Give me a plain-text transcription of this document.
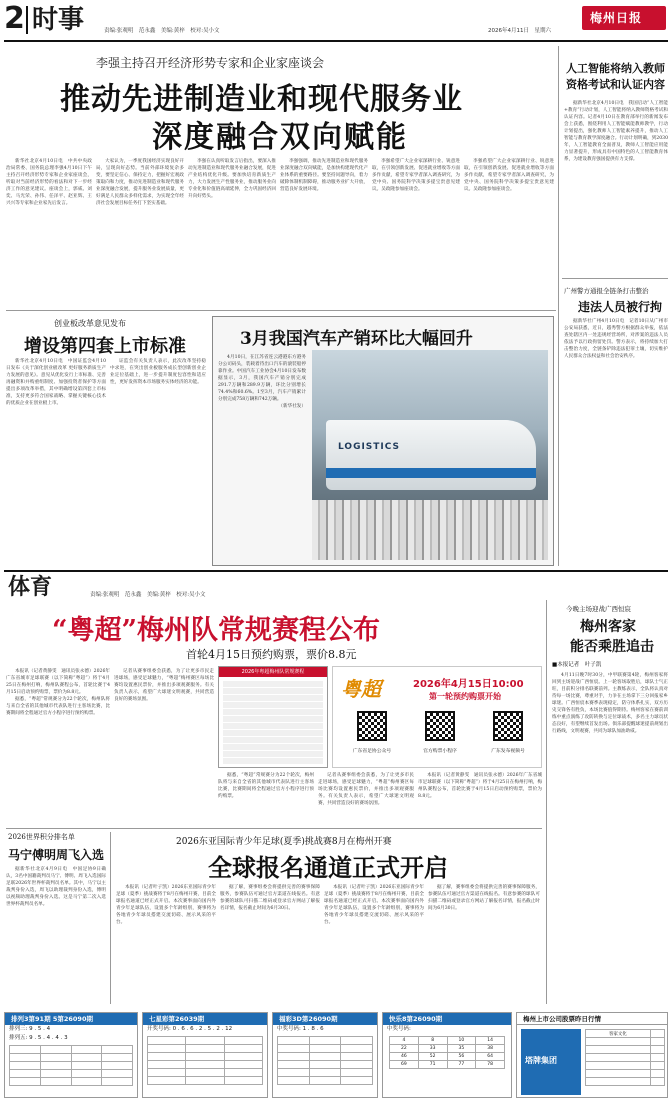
2 时事	责编:张观明　范永鑫　美编:黄梓　校对:吴小文	2026年4月11日　星期六
梅州日报
李强主持召开经济形势专家和企业家座谈会
推动先进制造业和现代服务业
深度融合双向赋能

新华社北京4月10日电　中共中央政治局常委、国务院总理李强4月10日下午主持召开经济形势专家和企业家座谈会，听取对当前经济形势的看法和对下一步经济工作的意见建议。座谈会上，郭威、刘奕、马光荣、孙伟、任泽平、赵亚辉、王兴兴等专家和企业家先后发言。

大家认为，一季度我国经济实现良好开局，呈现向好态势。当前外部环境复杂多变，要坚定信心、保持定力，把握好宏观政策取向和力度，推动先进制造业和现代服务业深度融合发展，提升服务业发展质量，更好满足人民群众多样化需求，为实现全年经济社会发展目标任务打下坚实基础。

李强在认真听取发言后指出，要深入推动先进制造业和现代服务业融合发展，促进产业结构优化升级。要加快培育新质生产力，大力发展生产性服务业，推动服务业向专业化和价值链高端延伸，全力巩固经济回升向好势头。

李强强调，推动先进制造业和现代服务业深度融合双向赋能，是加快构建现代化产业体系的重要路径。要坚持问题导向，着力破除体制机制障碍，推动服务业扩大开放，营造良好发展环境。

李强希望广大企业家深耕行业、锐意进取，在引领创新发展、促进就业增收等方面多作贡献，希望专家学者深入调查研究，为党中央、国务院科学决策多提宝贵意见建议。吴政隆参加座谈会。

李强希望广大企业家深耕行业、锐意进取，在引领创新发展、促进就业增收等方面多作贡献，希望专家学者深入调查研究，为党中央、国务院科学决策多提宝贵意见建议。吴政隆参加座谈会。

人工智能将纳入教师
资格考试和认证内容

据新华社北京4月10日电　我国启动“人工智能+教育”行动计划，人工智能将纳入教师资格考试和认证内容。记者4月10日在教育部举行的新闻发布会上获悉，围绕利用人工智能赋能教师教学，行动计划提出，强化教师人工智能素养提升，推动人工智能与教育教学深度融合。行动计划明确，到2030年，人工智能教育全面普及，教师人工智能应用能力显著提升，形成具有中国特色的人工智能教育体系，为建设教育强国提供有力支撑。

广州警方通报全链条打击整治
违法人员被行拘

据新华社广州4月10日电　记者10日从广州市公安局获悉，近日，越秀警方根据群众举报，依法查处辖区内一处违规经营场所，对涉案的违法人员依法予以行政拘留处罚。警方表示，将持续加大打击整治力度，全链条铲除违法犯罪土壤，切实维护人民群众合法权益和社会治安秩序。

创业板改革意见发布
增设第四套上市标准

新华社北京4月10日电　中国证监会4月10日发布《关于深化创业板改革 更好服务新质生产力发展的意见》。意见从优化发行上市标准、完善再融资和并购重组制度、加强投资者保护等方面提出多项改革举措，其中明确增设第四套上市标准，支持更多符合国家战略、掌握关键核心技术的优质企业在创业板上市。

证监会有关负责人表示，此次改革坚持稳中求进，在突出创业板服务成长型创新创业企业定位基础上，进一步提升制度包容性和适应性，更好发挥资本市场服务实体经济的功能。

3月我国汽车产销环比大幅回升

4月10日，在江苏省连云港港东方港务分公司码头，装载着待出口汽车的滚装船停靠作业。中国汽车工业协会4月10日发布数据显示，3月，我国汽车产销分别完成291.7万辆和289.9万辆，环比分别增长74.4%和60.6%。1至3月，汽车产销累计分别完成758万辆和742万辆。

（新华社发）

LOGISTICS
体育	责编:张观明　范永鑫　美编:黄梓　校对:吴小文
“粤超”梅州队常规赛程公布
首轮4月15日预约购票，票价8.8元

本报讯（记者黄静雯　通讯员张永德）2026年广东省城市足球联赛（以下简称“粤超”）将于4月25日在梅州打响，梅州队赛程公布，首轮比赛于4月15日启动预约购票，票价为8.8元。

据悉，“粤超”常规赛分为22个轮次，梅州队将与来自全省的其他城市代表队进行主客场比赛，比赛期间将全程通过官方小程序进行预约购票。

记者从赛事组委会获悉，为了让更多市民走进球场，感受足球魅力，“粤超”梅州赛区每场比赛均设置惠民票价，并推出多项观赛服务。有关负责人表示，希望广大球迷文明观赛，共同营造良好的赛场氛围。

据悉，“粤超”常规赛分为22个轮次，梅州队将与来自全省的其他城市代表队进行主客场比赛，比赛期间将全程通过官方小程序进行预约购票。

记者从赛事组委会获悉，为了让更多市民走进球场，感受足球魅力，“粤超”梅州赛区每场比赛均设置惠民票价，并推出多项观赛服务。有关负责人表示，希望广大球迷文明观赛，共同营造良好的赛场氛围。

本报讯（记者黄静雯　通讯员张永德）2026年广东省城市足球联赛（以下简称“粤超”）将于4月25日在梅州打响，梅州队赛程公布，首轮比赛于4月15日启动预约购票，票价为8.8元。

2026年粤超梅州队常规赛程
粤超	2026年4月15日10:00
第一轮预约购票开始
广东省足协公众号	官方购票小程序	广东发布视频号
今晚主场迎战广西恒宸
梅州客家
能否乘胜追击
■本报记者　叶子凯

4月11日晚7时30分，中甲联赛第4轮，梅州客家将回到主场迎战广西恒宸。上一轮客场取胜后，球队士气正旺，目前积分排名联赛前列。主教练表示，全队将认真对待每一场比赛，尊重对手，力争在主场拿下三分回报家乡球迷。广西恒宸本赛季表现稳定，防守体系扎实，双方历史交锋各有胜负，本场比赛值得期待。梅州客家在赛前训练中重点演练了攻防转换与定位球战术，多名主力球员状态良好，有望继续首发出场。俱乐部提醒球迷提前规划出行路线，文明观赛，共同为球队加油助威。

2026世界积分排名单
马宁傅明周飞入选

据新华社北京4月9日电　中国足协9日确认，3名中国籍裁判员马宁、傅明、周飞入选国际足联2026年世界杯裁判员名单。其中，马宁以主裁判身份入选，周飞以助理裁判身份入选，傅明以视频助理裁判身份入选。这是马宁第二次入选世界杯裁判员名单。

2026东亚国际青少年足球(夏季)挑战赛8月在梅州开赛
全球报名通道正式开启

本报讯（记者叶子凯）2026东亚国际青少年足球（夏季）挑战赛将于8月在梅州开赛，目前全球报名通道已经正式开启。本次赛事面向国内外青少年足球队伍，设置多个年龄组别，赛事将为各地青少年球员搭建交流切磋、展示风采的平台。

据了解，赛事组委会将提供完善的赛事保障服务，参赛队伍可通过官方渠道在线报名。有意参赛的球队可扫描二维码或登录官方网站了解报名详情，报名截止时间为6月30日。

本报讯（记者叶子凯）2026东亚国际青少年足球（夏季）挑战赛将于8月在梅州开赛，目前全球报名通道已经正式开启。本次赛事面向国内外青少年足球队伍，设置多个年龄组别，赛事将为各地青少年球员搭建交流切磋、展示风采的平台。

据了解，赛事组委会将提供完善的赛事保障服务，参赛队伍可通过官方渠道在线报名。有意参赛的球队可扫描二维码或登录官方网站了解报名详情，报名截止时间为6月30日。

排列3第91期 5第26090期
排列三: 9 . 5 . 4
排列五: 9 . 5 . 4 . 4 . 3

七星彩第26039期
开奖号码: 0 . 6 . 6 . 2 . 5 . 2 . 12

福彩3D第26090期
中奖号码: 1 . 8 . 6

快乐8第26090期
中奖号码:
4	8	10	14
22	33	35	38
46	52	56	64
69	71	77	78
梅州上市公司股票昨日行情
塔牌集团
客家文化	
